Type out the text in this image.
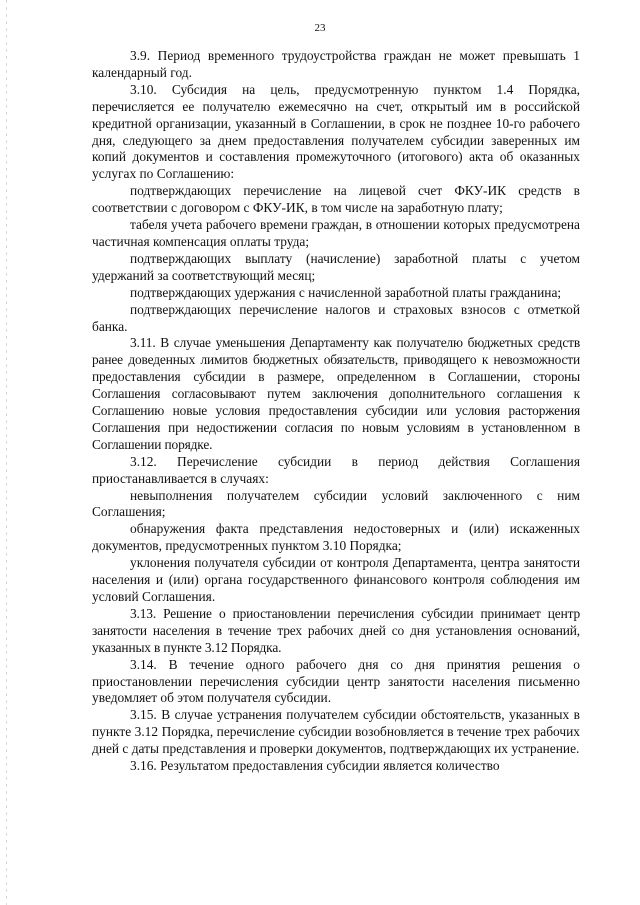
23

3.9. Период временного трудоустройства граждан не может превышать 1 календарный год.

3.10. Субсидия на цель, предусмотренную пунктом 1.4 Порядка, перечисляется ее получателю ежемесячно на счет, открытый им в российской кредитной организации, указанный в Соглашении, в срок не позднее 10-го рабочего дня, следующего за днем предоставления получателем субсидии заверенных им копий документов и составления промежуточного (итогового) акта об оказанных услугах по Соглашению:

подтверждающих перечисление на лицевой счет ФКУ-ИК средств в соответствии с договором с ФКУ-ИК, в том числе на заработную плату;

табеля учета рабочего времени граждан, в отношении которых предусмотрена частичная компенсация оплаты труда;

подтверждающих выплату (начисление) заработной платы с учетом удержаний за соответствующий месяц;

подтверждающих удержания с начисленной заработной платы гражданина;

подтверждающих перечисление налогов и страховых взносов с отметкой банка.

3.11. В случае уменьшения Департаменту как получателю бюджетных средств ранее доведенных лимитов бюджетных обязательств, приводящего к невозможности предоставления субсидии в размере, определенном в Соглашении, стороны Соглашения согласовывают путем заключения дополнительного соглашения к Соглашению новые условия предоставления субсидии или условия расторжения Соглашения при недостижении согласия по новым условиям в установленном в Соглашении порядке.

3.12. Перечисление субсидии в период действия Соглашения приостанавливается в случаях:

невыполнения получателем субсидии условий заключенного с ним Соглашения;

обнаружения факта представления недостоверных и (или) искаженных документов, предусмотренных пунктом 3.10 Порядка;

уклонения получателя субсидии от контроля Департамента, центра занятости населения и (или) органа государственного финансового контроля соблюдения им условий Соглашения.

3.13. Решение о приостановлении перечисления субсидии принимает центр занятости населения в течение трех рабочих дней со дня установления оснований, указанных в пункте 3.12 Порядка.

3.14. В течение одного рабочего дня со дня принятия решения о приостановлении перечисления субсидии центр занятости населения письменно уведомляет об этом получателя субсидии.

3.15. В случае устранения получателем субсидии обстоятельств, указанных в пункте 3.12 Порядка, перечисление субсидии возобновляется в течение трех рабочих дней с даты представления и проверки документов, подтверждающих их устранение.

3.16. Результатом предоставления субсидии является количество
